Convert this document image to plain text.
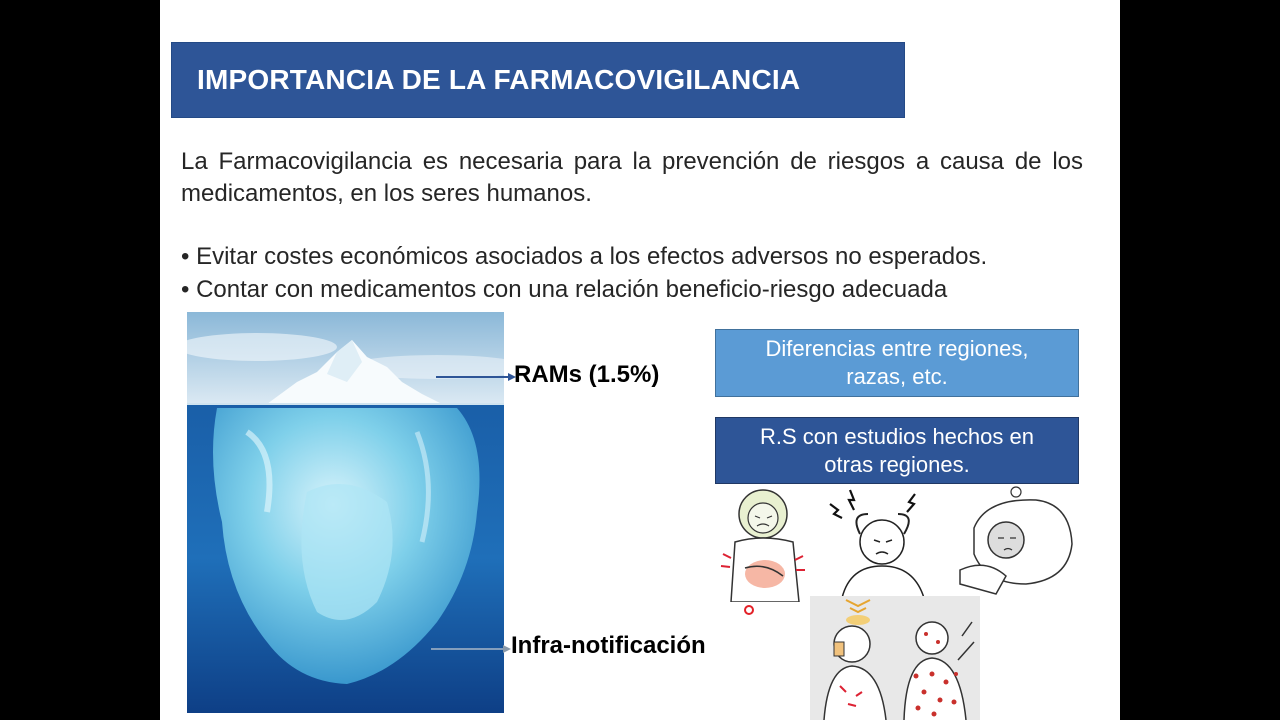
IMPORTANCIA DE LA FARMACOVIGILANCIA

La Farmacovigilancia es necesaria para la prevención de riesgos a causa de los medicamentos, en los seres humanos.

• Evitar costes económicos asociados a los efectos adversos no esperados.

• Contar con medicamentos con una relación beneficio-riesgo adecuada

RAMs (1.5%)
Infra-notificación
Diferencias entre regiones,
razas, etc.
R.S con estudios hechos en
otras regiones.
